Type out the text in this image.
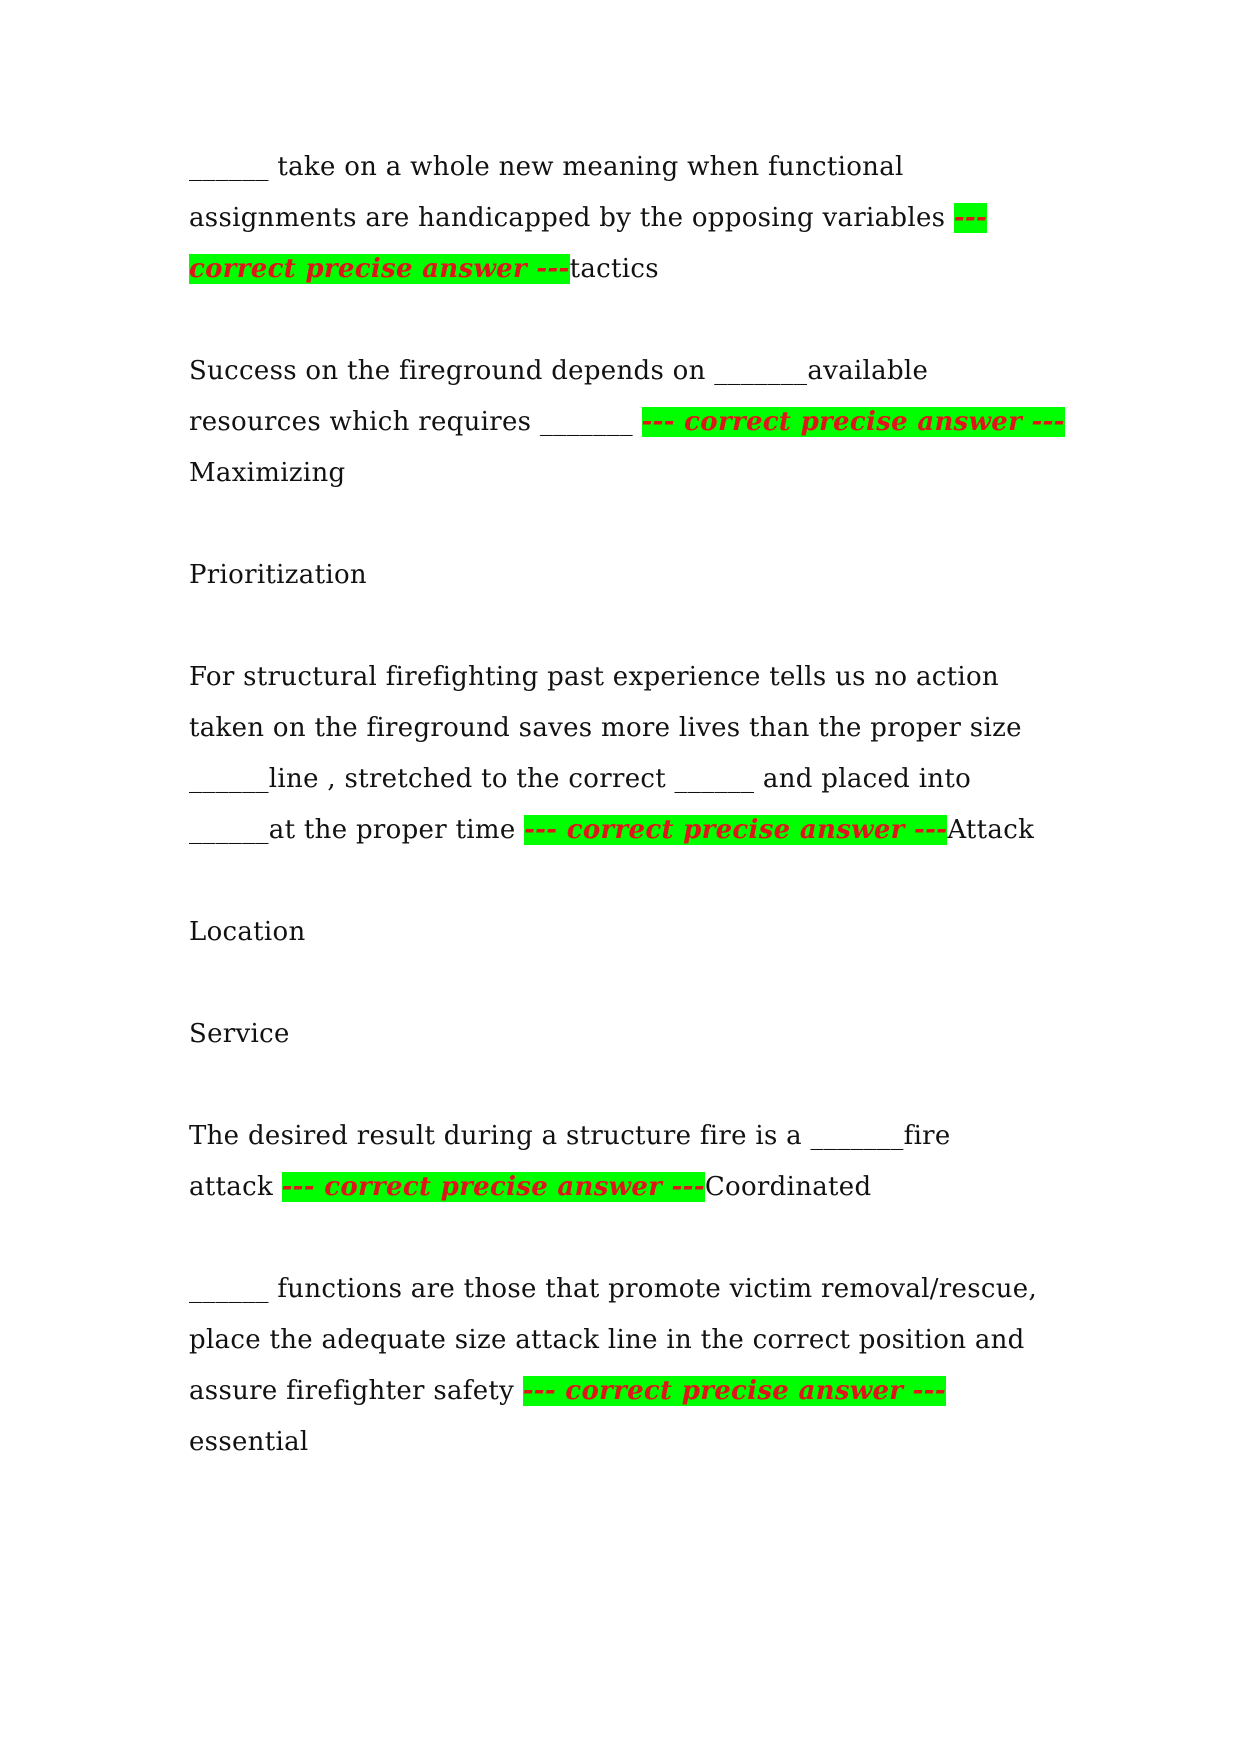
______ take on a whole new meaning when functional
assignments are handicapped by the opposing variables ---
correct precise answer ---tactics
Success on the fireground depends on _______available
resources which requires _______ --- correct precise answer ---
Maximizing
Prioritization
For structural firefighting past experience tells us no action
taken on the fireground saves more lives than the proper size
______line , stretched to the correct ______ and placed into
______at the proper time --- correct precise answer ---Attack
Location
Service
The desired result during a structure fire is a _______fire
attack --- correct precise answer ---Coordinated
______ functions are those that promote victim removal/rescue,
place the adequate size attack line in the correct position and
assure firefighter safety --- correct precise answer ---
essential
